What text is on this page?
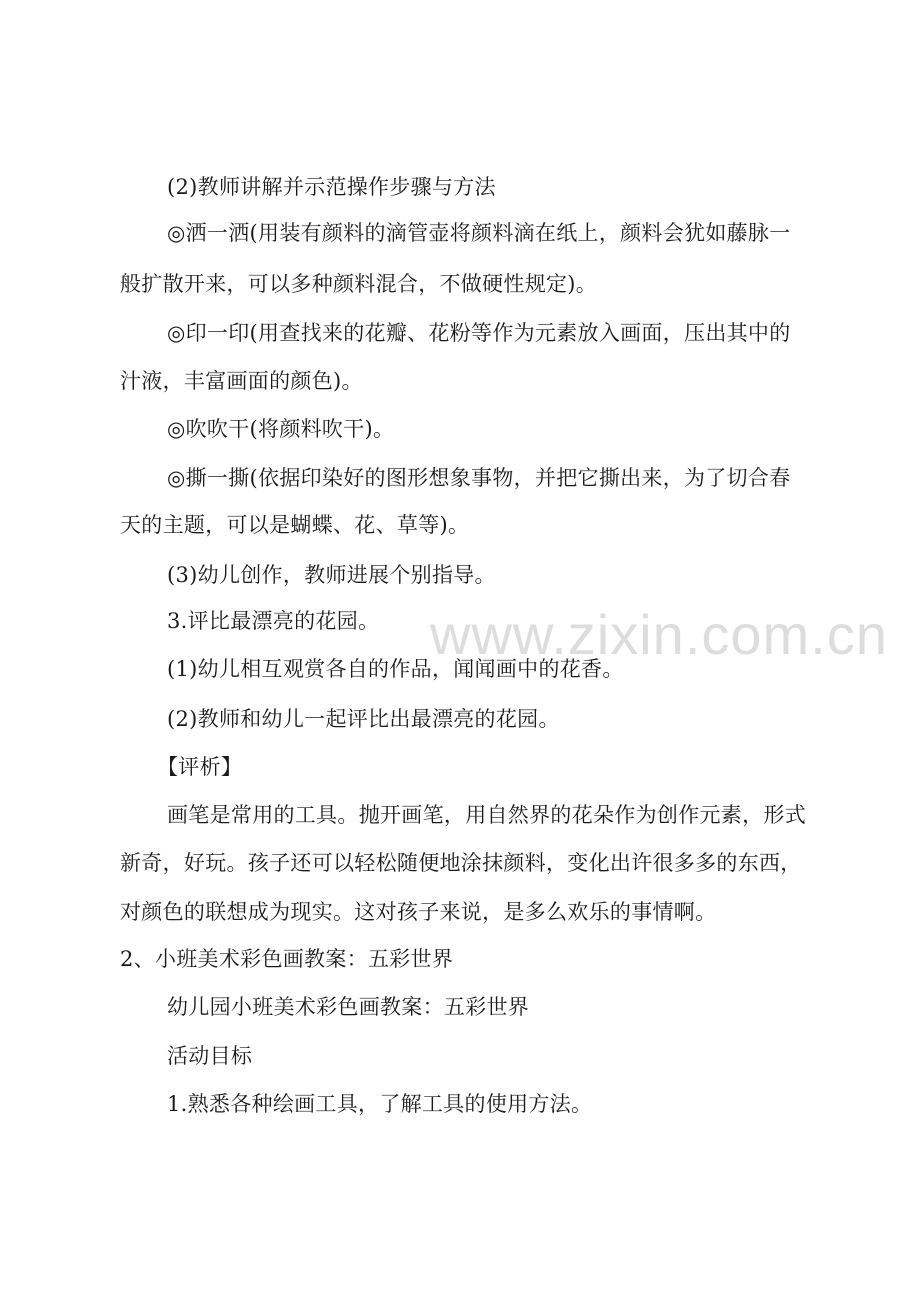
(2)教师讲解并示范操作步骤与方法
◎洒一洒(用装有颜料的滴管壶将颜料滴在纸上，颜料会犹如藤脉一
般扩散开来，可以多种颜料混合，不做硬性规定)。
◎印一印(用查找来的花瓣、花粉等作为元素放入画面，压出其中的
汁液，丰富画面的颜色)。
◎吹吹干(将颜料吹干)。
◎撕一撕(依据印染好的图形想象事物，并把它撕出来，为了切合春
天的主题，可以是蝴蝶、花、草等)。
(3)幼儿创作，教师进展个别指导。
3.评比最漂亮的花园。
(1)幼儿相互观赏各自的作品，闻闻画中的花香。
(2)教师和幼儿一起评比出最漂亮的花园。
【评析】
画笔是常用的工具。抛开画笔，用自然界的花朵作为创作元素，形式
新奇，好玩。孩子还可以轻松随便地涂抹颜料，变化出许很多多的东西，
对颜色的联想成为现实。这对孩子来说，是多么欢乐的事情啊。
2、小班美术彩色画教案：五彩世界
幼儿园小班美术彩色画教案：五彩世界
活动目标
1.熟悉各种绘画工具，了解工具的使用方法。
www.zixin.com.cn
